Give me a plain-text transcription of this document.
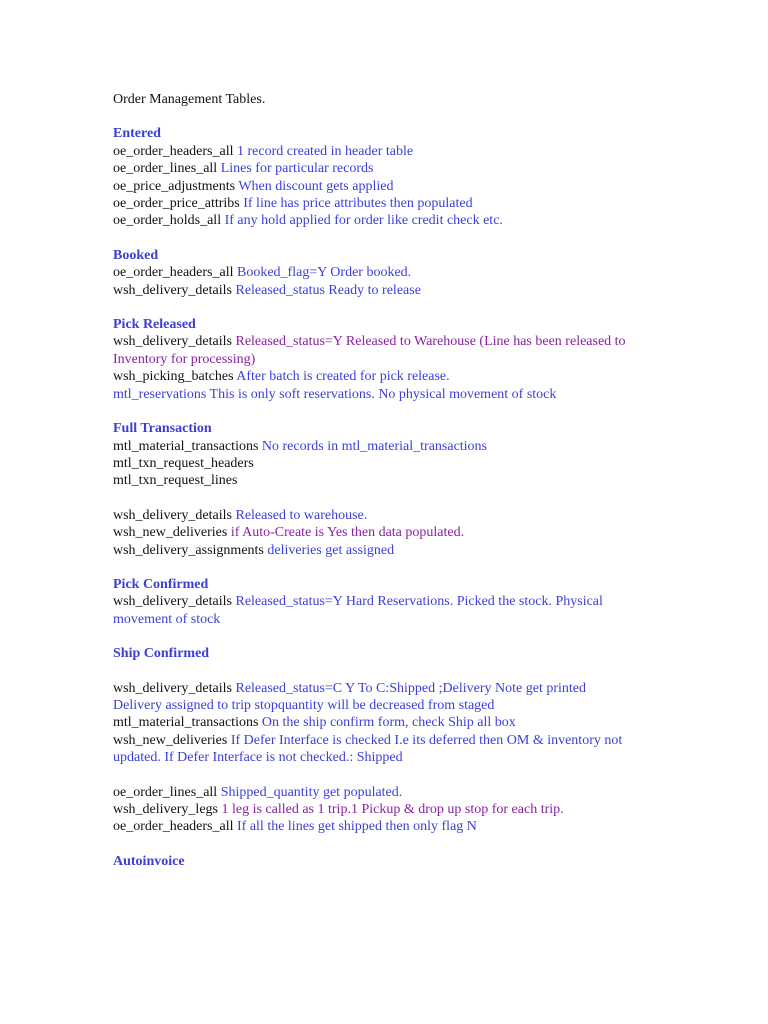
Order Management Tables.

Entered

oe_order_headers_all 1 record created in header table

oe_order_lines_all Lines for particular records

oe_price_adjustments When discount gets applied

oe_order_price_attribs If line has price attributes then populated

oe_order_holds_all If any hold applied for order like credit check etc.

Booked

oe_order_headers_all Booked_flag=Y Order booked.

wsh_delivery_details Released_status Ready to release

Pick Released

wsh_delivery_details Released_status=Y Released to Warehouse (Line has been released to Inventory for processing)

wsh_picking_batches After batch is created for pick release.

mtl_reservations This is only soft reservations. No physical movement of stock

Full Transaction

mtl_material_transactions No records in mtl_material_transactions

mtl_txn_request_headers

mtl_txn_request_lines

wsh_delivery_details Released to warehouse.

wsh_new_deliveries if Auto-Create is Yes then data populated.

wsh_delivery_assignments deliveries get assigned

Pick Confirmed

wsh_delivery_details Released_status=Y Hard Reservations. Picked the stock. Physical movement of stock

Ship Confirmed

wsh_delivery_details Released_status=C Y To C:Shipped ;Delivery Note get printed

Delivery assigned to trip stopquantity will be decreased from staged

mtl_material_transactions On the ship confirm form, check Ship all box

wsh_new_deliveries If Defer Interface is checked I.e its deferred then OM & inventory not updated. If Defer Interface is not checked.: Shipped

oe_order_lines_all Shipped_quantity get populated.

wsh_delivery_legs 1 leg is called as 1 trip.1 Pickup & drop up stop for each trip.

oe_order_headers_all If all the lines get shipped then only flag N

Autoinvoice
